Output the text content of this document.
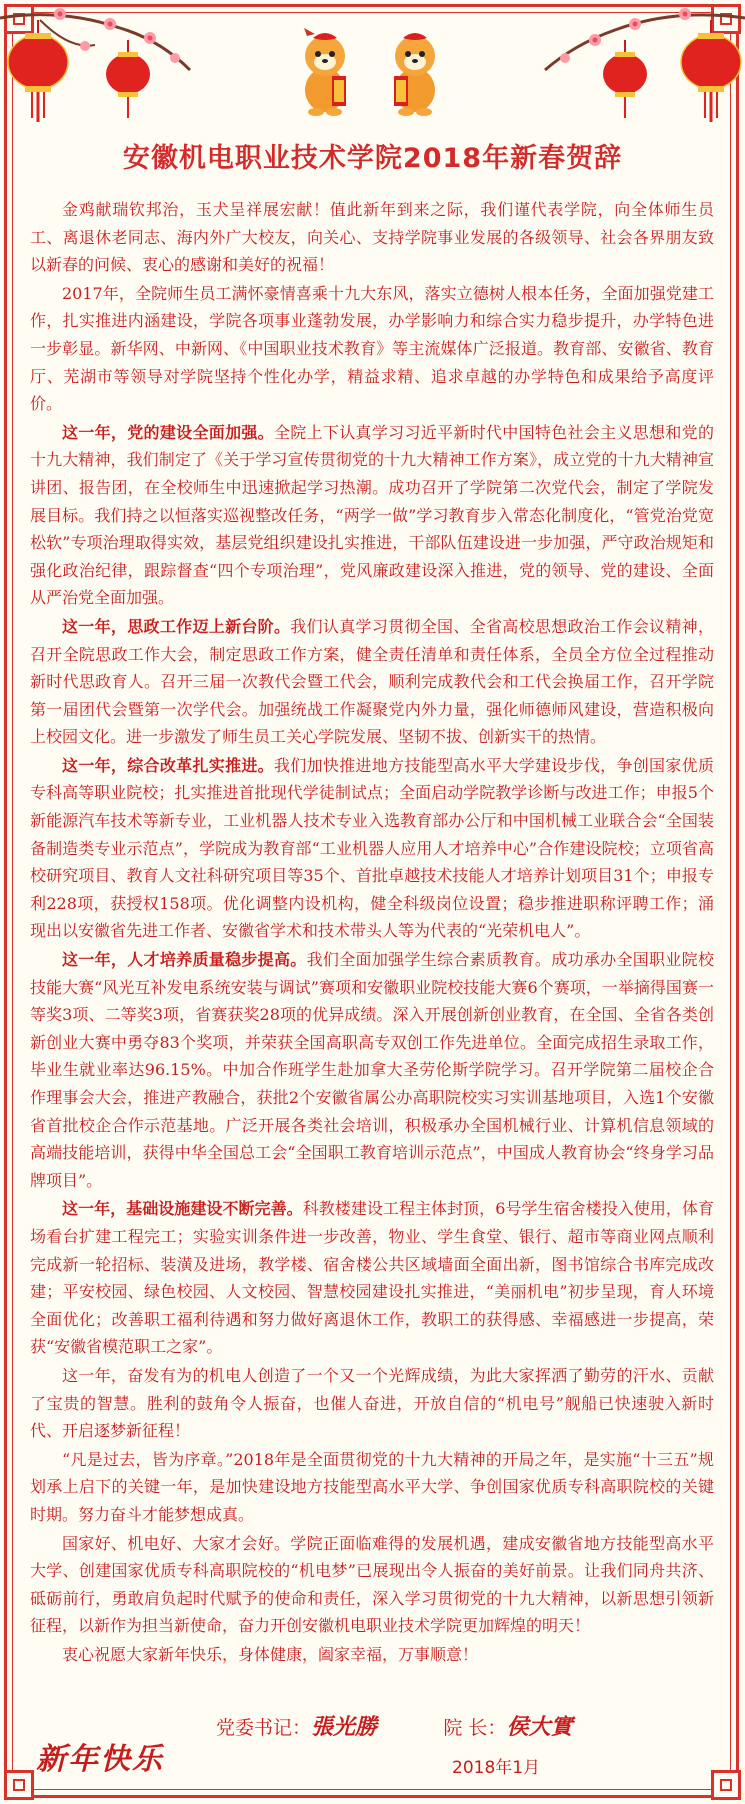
安徽机电职业技术学院2018年新春贺辞

金鸡献瑞钦邦治，玉犬呈祥展宏献！值此新年到来之际，我们谨代表学院，向全体师生员工、离退休老同志、海内外广大校友，向关心、支持学院事业发展的各级领导、社会各界朋友致以新春的问候、衷心的感谢和美好的祝福！

2017年，全院师生员工满怀豪情喜乘十九大东风，落实立德树人根本任务，全面加强党建工作，扎实推进内涵建设，学院各项事业蓬勃发展，办学影响力和综合实力稳步提升，办学特色进一步彰显。新华网、中新网、《中国职业技术教育》等主流媒体广泛报道。教育部、安徽省、教育厅、芜湖市等领导对学院坚持个性化办学，精益求精、追求卓越的办学特色和成果给予高度评价。

这一年，党的建设全面加强。全院上下认真学习习近平新时代中国特色社会主义思想和党的十九大精神，我们制定了《关于学习宣传贯彻党的十九大精神工作方案》，成立党的十九大精神宣讲团、报告团，在全校师生中迅速掀起学习热潮。成功召开了学院第二次党代会，制定了学院发展目标。我们持之以恒落实巡视整改任务，“两学一做”学习教育步入常态化制度化，“管党治党宽松软”专项治理取得实效，基层党组织建设扎实推进，干部队伍建设进一步加强，严守政治规矩和强化政治纪律，跟踪督查“四个专项治理”，党风廉政建设深入推进，党的领导、党的建设、全面从严治党全面加强。

这一年，思政工作迈上新台阶。我们认真学习贯彻全国、全省高校思想政治工作会议精神，召开全院思政工作大会，制定思政工作方案，健全责任清单和责任体系，全员全方位全过程推动新时代思政育人。召开三届一次教代会暨工代会，顺利完成教代会和工代会换届工作，召开学院第一届团代会暨第一次学代会。加强统战工作凝聚党内外力量，强化师德师风建设，营造积极向上校园文化。进一步激发了师生员工关心学院发展、坚韧不拔、创新实干的热情。

这一年，综合改革扎实推进。我们加快推进地方技能型高水平大学建设步伐，争创国家优质专科高等职业院校；扎实推进首批现代学徒制试点；全面启动学院教学诊断与改进工作；申报5个新能源汽车技术等新专业，工业机器人技术专业入选教育部办公厅和中国机械工业联合会“全国装备制造类专业示范点”，学院成为教育部“工业机器人应用人才培养中心”合作建设院校；立项省高校研究项目、教育人文社科研究项目等35个、首批卓越技术技能人才培养计划项目31个；申报专利228项，获授权158项。优化调整内设机构，健全科级岗位设置；稳步推进职称评聘工作；涌现出以安徽省先进工作者、安徽省学术和技术带头人等为代表的“光荣机电人”。

这一年，人才培养质量稳步提高。我们全面加强学生综合素质教育。成功承办全国职业院校技能大赛“风光互补发电系统安装与调试”赛项和安徽职业院校技能大赛6个赛项，一举摘得国赛一等奖3项、二等奖3项，省赛获奖28项的优异成绩。深入开展创新创业教育，在全国、全省各类创新创业大赛中勇夺83个奖项，并荣获全国高职高专双创工作先进单位。全面完成招生录取工作，毕业生就业率达96.15%。中加合作班学生赴加拿大圣劳伦斯学院学习。召开学院第二届校企合作理事会大会，推进产教融合，获批2个安徽省属公办高职院校实习实训基地项目，入选1个安徽省首批校企合作示范基地。广泛开展各类社会培训，积极承办全国机械行业、计算机信息领域的高端技能培训，获得中华全国总工会“全国职工教育培训示范点”，中国成人教育协会“终身学习品牌项目”。

这一年，基础设施建设不断完善。科教楼建设工程主体封顶，6号学生宿舍楼投入使用，体育场看台扩建工程完工；实验实训条件进一步改善，物业、学生食堂、银行、超市等商业网点顺利完成新一轮招标、装潢及进场，教学楼、宿舍楼公共区域墙面全面出新，图书馆综合书库完成改建；平安校园、绿色校园、人文校园、智慧校园建设扎实推进，“美丽机电”初步呈现，育人环境全面优化；改善职工福利待遇和努力做好离退休工作，教职工的获得感、幸福感进一步提高，荣获“安徽省模范职工之家”。

这一年，奋发有为的机电人创造了一个又一个光辉成绩，为此大家挥洒了勤劳的汗水、贡献了宝贵的智慧。胜利的鼓角令人振奋，也催人奋进，开放自信的“机电号”舰船已快速驶入新时代、开启逐梦新征程！

“凡是过去，皆为序章。”2018年是全面贯彻党的十九大精神的开局之年，是实施“十三五”规划承上启下的关键一年，是加快建设地方技能型高水平大学、争创国家优质专科高职院校的关键时期。努力奋斗才能梦想成真。

国家好、机电好、大家才会好。学院正面临难得的发展机遇，建成安徽省地方技能型高水平大学、创建国家优质专科高职院校的“机电梦”已展现出令人振奋的美好前景。让我们同舟共济、砥砺前行，勇敢肩负起时代赋予的使命和责任，深入学习贯彻党的十九大精神，以新思想引领新征程，以新作为担当新使命，奋力开创安徽机电职业技术学院更加辉煌的明天！

衷心祝愿大家新年快乐，身体健康，阖家幸福，万事顺意！

党委书记：張光勝	院 长：侯大實
新年快乐	2018年1月
